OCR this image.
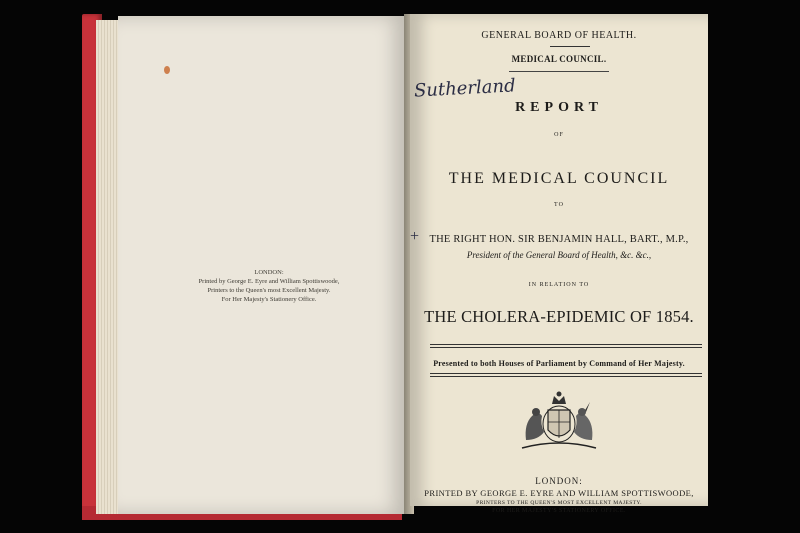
LONDON:
Printed by George E. Eyre and William Spottiswoode,
Printers to the Queen's most Excellent Majesty.
For Her Majesty's Stationery Office.
GENERAL BOARD OF HEALTH.
MEDICAL COUNCIL.
Sutherland
REPORT
OF
THE MEDICAL COUNCIL
TO
+ THE RIGHT HON. SIR BENJAMIN HALL, BART., M.P.,
President of the General Board of Health, &c. &c.,
IN RELATION TO
THE CHOLERA-EPIDEMIC OF 1854.
Presented to both Houses of Parliament by Command of Her Majesty.
LONDON:
PRINTED BY GEORGE E. EYRE AND WILLIAM SPOTTISWOODE,
PRINTERS TO THE QUEEN'S MOST EXCELLENT MAJESTY.
FOR HER MAJESTY'S STATIONERY OFFICE.
